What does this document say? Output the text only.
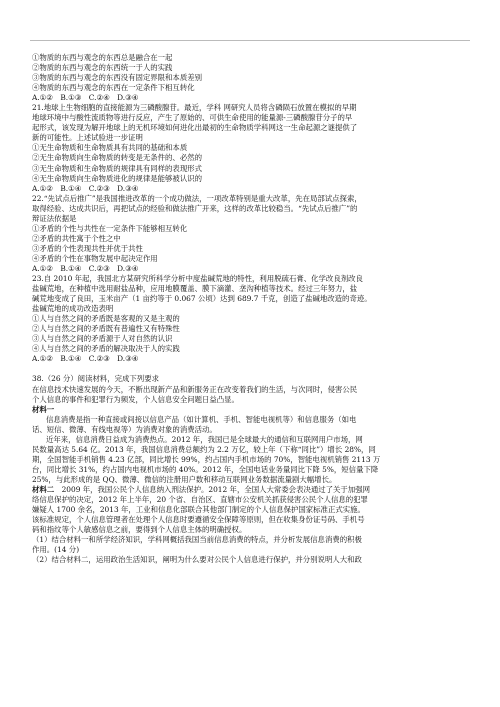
①物质的东西与观念的东西总是融合在一起
②物质的东西与观念的东西统一于人的实践
③物质的东西与观念的东西没有固定界限和本质差别
④物质的东西与观念的东西在一定条件下相互转化
A.①②　B.①③　C.②④　D.③④
21.地球上生物细胞的直接能源为三磷酸腺苷。最近，学科 网研究人员将含磷陨石放置在模拟的早期
地球环境中与酸性流质物等进行反应，产生了原始的、可供生命使用的能量源-三磷酸腺苷分子的早
起形式，该发现为解开地球上的无机环境如何进化出最初的生命物质学科网这一生命起源之谜提供了
新的可能性。上述试验进一步证明
①无生命物质和生命物质具有共同的基础和本质
②无生命物质向生命物质的转变是无条件的、必然的
③无生命物质和生命物质的规律具有同样的表现形式
④无生命物质向生命物质进化的规律是能够被认识的
A.①②　B.①④　C.②③　D.③④
22.“先试点后推广”是我国推进改革的一个成功做法，一项改革特别是重大改革，先在局部试点探索，
取得经验、达成共识后，再把试点的经验和做法推广开来，这样的改革比较稳当。“先试点后推广”的
辩证法依据是
①矛盾的个性与共性在一定条件下能够相互转化
②矛盾的共性寓于个性之中
③矛盾的个性表现共性并优于共性
④矛盾的个性在事物发展中起决定作用
A.①②　B.①④　C.②③　D.③④
23.自 2010 年起，我国北方某研究所科学分析中度盐碱荒地的特性，利用脱硫石膏、化学改良剂改良
盐碱荒地，在种植中选用耐盐品种，应用地膜覆盖、膜下滴灌、垄沟种植等技术。经过三年努力，盐
碱荒地变成了良田，玉米亩产（1 亩约等于 0.067 公顷）达到 689.7 千克，创造了盐碱地改造的奇迹。
盐碱荒地的成功改造表明
①人与自然之间的矛盾既是客观的又是主观的
②人与自然之间的矛盾既有普遍性又有特殊性
③人与自然之间的矛盾源于人对自然的认识
④人与自然之间的矛盾的解决取决于人的实践
A.①②　B.①④　C.②③　D.③④
38.（26 分）阅读材料，完成下列要求
在信息技术快速发展的今天，不断出现新产品和新服务正在改变着我们的生活，与次同时，侵害公民
个人信息的事件和犯罪行为频发，个人信息安全问题日益凸显。
材料一
信息消费是指一种直接或间接以信息产品（如计算机、手机、智能电视机等）和信息服务（如电
话、短信、微薄、有线电视等）为消费对象的消费活动。
近年来，信息消费日益成为消费热点。2012 年，我国已是全球最大的通信和互联网用户市场，网
民数量高达 5.64 亿。2013 年，我国信息消费总额约为 2.2 万亿，较上年（下称“同比”）增长 28%，同
期，全国智能手机销售 4.23 亿部，同比增长 99%，约占国内手机市场的 70%，智能电视机销售 2113 万
台，同比增长 31%，约占国内电视机市场的 40%。2012 年，全国电话业务量同比下降 5%，短信量下降
25%，与此形成的是 QQ、微薄、微信的注册用户数和移动互联网业务数据流量剧大幅增长。
材料二　 2009 年，我国公民个人信息纳入刑法保护。2012 年，全国人大常委会表决通过了关于加强网
络信息保护的决定，2012 年上半年，20 个省、自治区、直辖市公安机关抓获侵害公民个人信息的犯罪
嫌疑人 1700 余名，2013 年，工业和信息化部联合其他部门制定的个人信息保护国家标准正式实施。
该标准规定，个人信息管理者在处理个人信息时要遵循安全保障等原则，但在收集身份证号码、手机号
码和指纹等个人敏感信息之前，要得到个人信息主体的明确授权。
（1）结合材料一和所学经济知识，学科网概括我国当前信息消费的特点，并分析发展信息消费的积极
作用。(14 分)
（2）结合材料二，运用政治生活知识，阐明为什么要对公民个人信息进行保护，并分别说明人大和政
